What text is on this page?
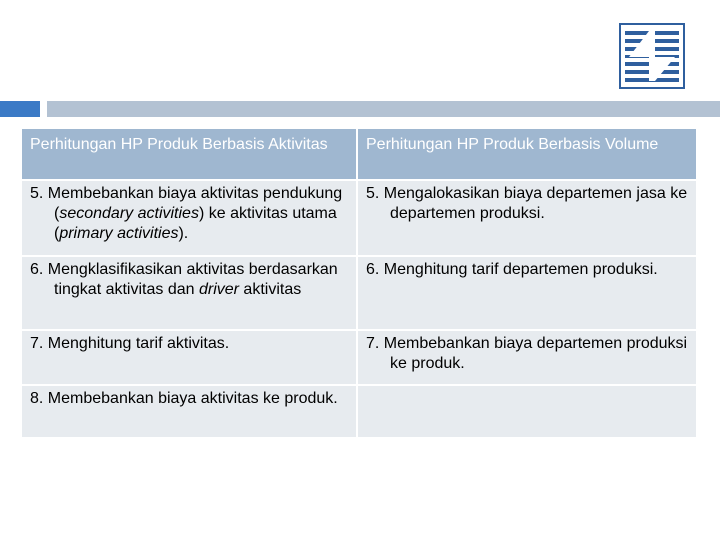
Perhitungan HP Produk Berbasis Aktivitas	Perhitungan HP Produk Berbasis Volume

5. Membebankan biaya aktivitas pendukung (secondary activities) ke aktivitas utama (primary activities).	5. Mengalokasikan biaya departemen jasa ke departemen produksi.

6. Mengklasifikasikan aktivitas berdasarkan tingkat aktivitas dan driver aktivitas	6. Menghitung tarif departemen produksi.

7. Menghitung tarif aktivitas.	7. Membebankan biaya departemen produksi ke produk.

8. Membebankan biaya aktivitas ke produk.	
